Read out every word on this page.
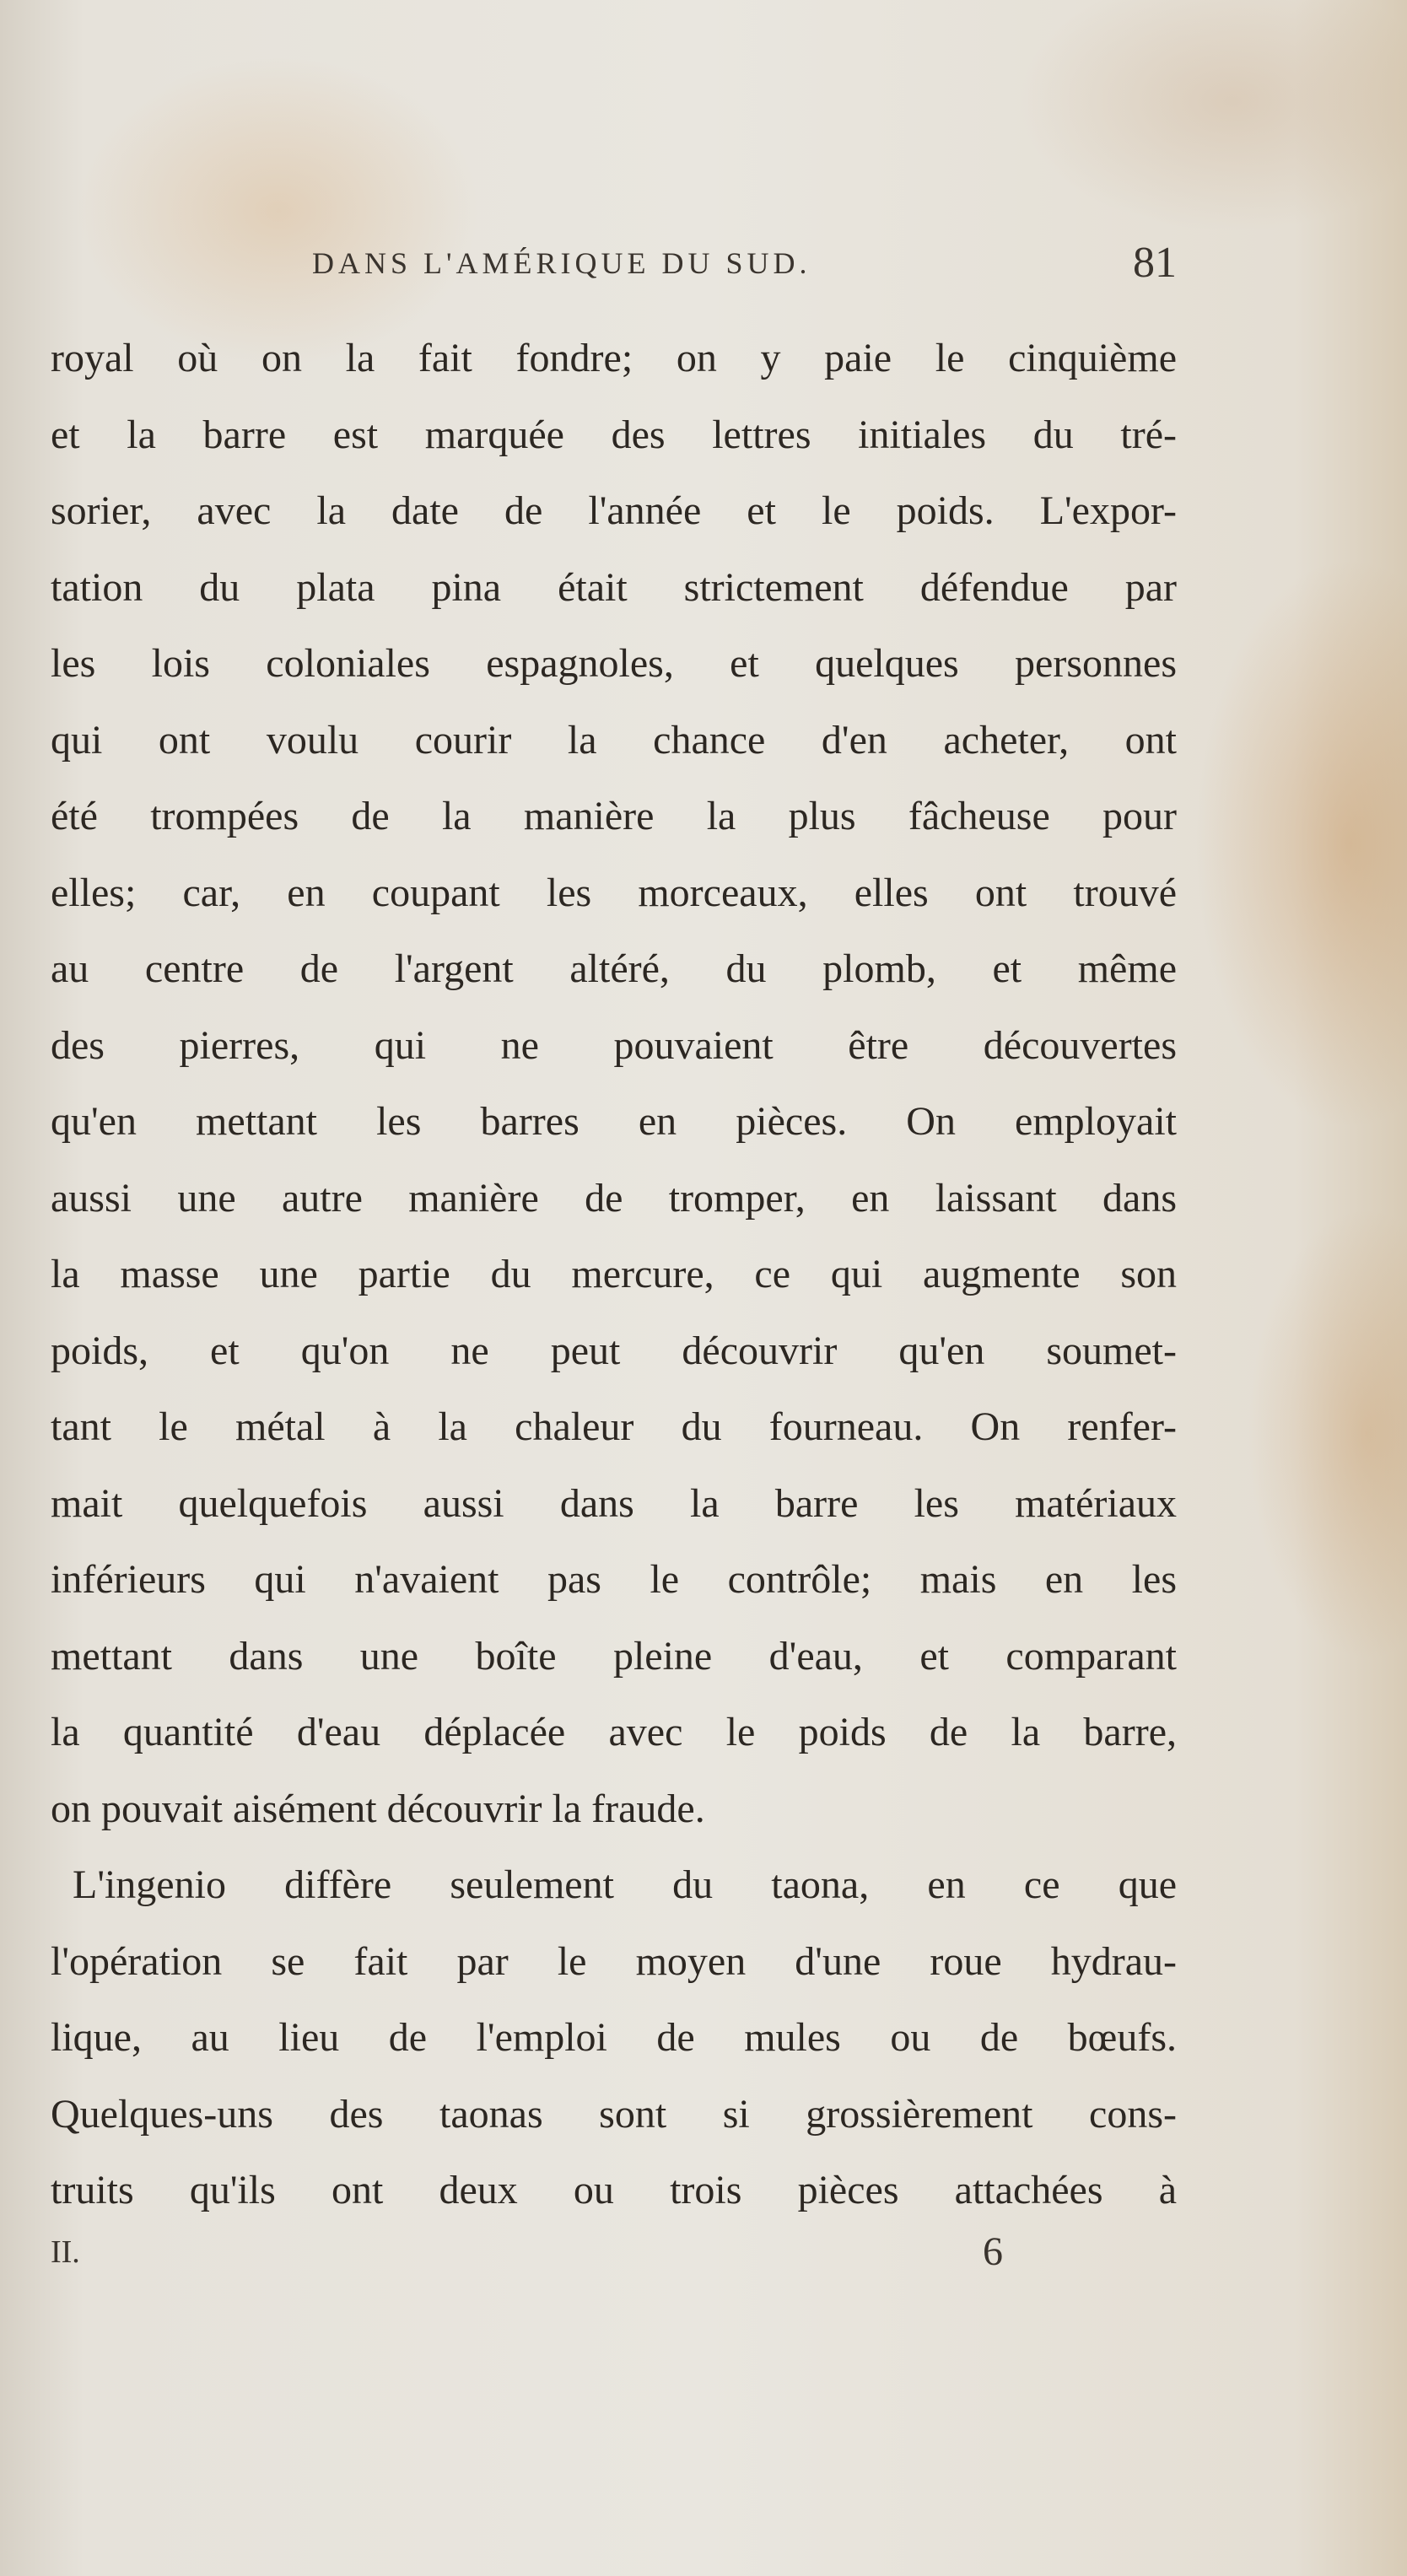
DANS L'AMÉRIQUE DU SUD.	81
royal où on la fait fondre; on y paie le cinquième
et la barre est marquée des lettres initiales du tré-
sorier, avec la date de l'année et le poids. L'expor-
tation du plata pina était strictement défendue par
les lois coloniales espagnoles, et quelques personnes
qui ont voulu courir la chance d'en acheter, ont
été trompées de la manière la plus fâcheuse pour
elles; car, en coupant les morceaux, elles ont trouvé
au centre de l'argent altéré, du plomb, et même
des pierres, qui ne pouvaient être découvertes
qu'en mettant les barres en pièces. On employait
aussi une autre manière de tromper, en laissant dans
la masse une partie du mercure, ce qui augmente son
poids, et qu'on ne peut découvrir qu'en soumet-
tant le métal à la chaleur du fourneau. On renfer-
mait quelquefois aussi dans la barre les matériaux
inférieurs qui n'avaient pas le contrôle; mais en les
mettant dans une boîte pleine d'eau, et comparant
la quantité d'eau déplacée avec le poids de la barre,
on pouvait aisément découvrir la fraude.
L'ingenio diffère seulement du taona, en ce que
l'opération se fait par le moyen d'une roue hydrau-
lique, au lieu de l'emploi de mules ou de bœufs.
Quelques-uns des taonas sont si grossièrement cons-
truits qu'ils ont deux ou trois pièces attachées à
II.	6
